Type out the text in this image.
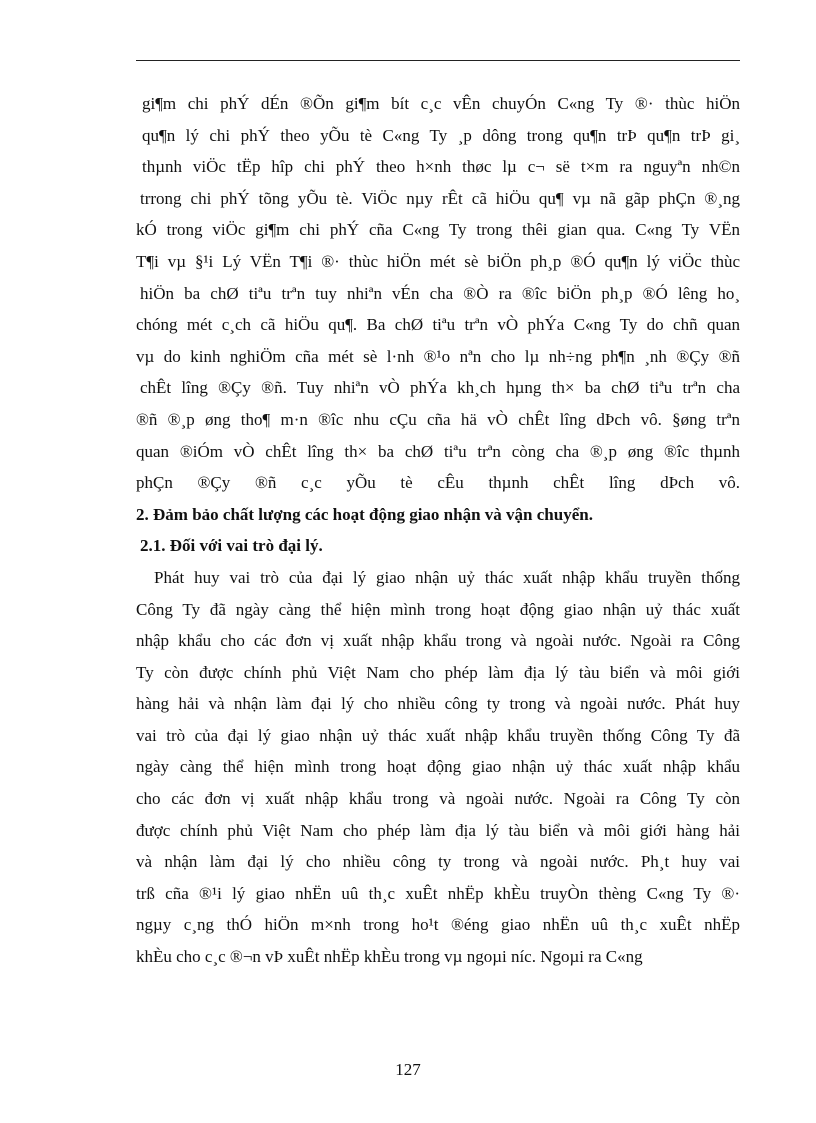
gi¶m chi phÝ dÉn ®Õn gi¶m bít c¸c vÊn chuyÓn C«ng Ty ®· thùc hiÖn
qu¶n lý chi phÝ theo yÕu tè C«ng Ty ¸p dông trong qu¶n trÞ qu¶n trÞ gi¸
thµnh viÖc tËp hîp chi phÝ theo h×nh thøc lµ c¬ së t×m ra nguyªn nh©n
trrong chi phÝ tõng yÕu tè. ViÖc nµy rÊt cã hiÖu qu¶ vµ nã gãp phÇn ®¸ng
kÓ trong viÖc gi¶m chi phÝ cña C«ng Ty trong thêi gian qua. C«ng Ty VËn
T¶i vµ §¹i Lý VËn T¶i ®· thùc hiÖn mét sè biÖn ph¸p ®Ó qu¶n lý viÖc thùc
hiÖn ba chØ tiªu trªn tuy nhiªn vÉn cha ®Ò ra ®îc biÖn ph¸p ®Ó lêng ho¸
chóng mét c¸ch cã hiÖu qu¶. Ba chØ tiªu trªn vÒ phÝa C«ng Ty do chñ quan
vµ do kinh nghiÖm cña mét sè l·nh ®¹o nªn cho lµ nh÷ng ph¶n ¸nh ®Çy ®ñ
chÊt lîng ®Çy ®ñ. Tuy nhiªn vÒ phÝa kh¸ch hµng th× ba chØ tiªu trªn cha
®ñ ®¸p øng tho¶ m·n ®îc nhu cÇu cña hä vÒ chÊt lîng dÞch vô. §øng trªn
quan ®iÓm vÒ chÊt lîng th× ba chØ tiªu trªn còng cha ®¸p øng ®îc thµnh
phÇn ®Çy ®ñ c¸c yÕu tè cÊu thµnh chÊt lîng dÞch vô.
2. Đảm bảo chất lượng các hoạt động giao nhận và vận chuyển.
2.1. Đối với vai trò đại lý.
Phát huy vai trò của đại lý giao nhận uỷ thác xuất nhập khẩu truyền thống
Công Ty đã ngày càng thể hiện mình trong hoạt động giao nhận uỷ thác xuất
nhập khẩu cho các đơn vị xuất nhập khẩu trong và ngoài nước. Ngoài ra Công
Ty còn được chính phủ Việt Nam cho phép làm địa lý tàu biển và môi giới
hàng hải và nhận làm đại lý cho nhiều công ty trong và ngoài nước. Phát huy
vai trò của đại lý giao nhận uỷ thác xuất nhập khẩu truyền thống Công Ty đã
ngày càng thể hiện mình trong hoạt động giao nhận uỷ thác xuất nhập khẩu
cho các đơn vị xuất nhập khẩu trong và ngoài nước. Ngoài ra Công Ty còn
được chính phủ Việt Nam cho phép làm địa lý tàu biển và môi giới hàng hải
và nhận làm đại lý cho nhiều công ty trong và ngoài nước. Ph¸t huy vai
trß cña ®¹i lý giao nhËn uû th¸c xuÊt nhËp khÈu truyÒn thèng C«ng Ty ®·
ngµy c¸ng thÓ hiÖn m×nh trong ho¹t ®éng giao nhËn uû th¸c xuÊt nhËp
khÈu cho c¸c ®¬n vÞ xuÊt nhËp khÈu trong vµ ngoµi níc. Ngoµi ra C«ng
127
